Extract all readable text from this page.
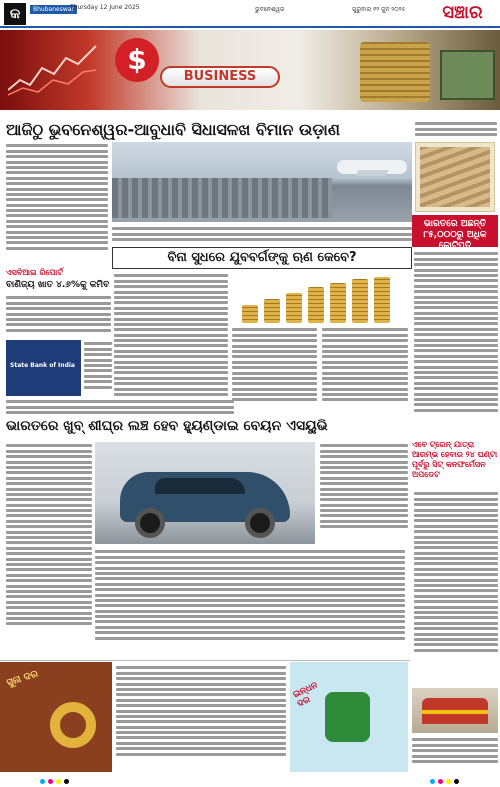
କ	Bhubaneswar
Thursday 12 June 2025	ଭୁବନେଶ୍ୱର	ଗୁରୁବାର ୧୨ ଜୁନ ୨୦୨୫	ସଞ୍ଚାର
$
BUSINESS
ଆଜିଠୁ ଭୁବନେଶ୍ୱର-ଆବୁଧାବି ସିଧାସଳଖ ବିମାନ ଉଡ଼ାଣ
ଭାରତରେ ଅଛନ୍ତି ୮୫,୦୦୦ରୁ ଅଧିକ କୋଟିପତି
ଏସବିଆଇ ରିପୋର୍ଟ
ବାଣିଜ୍ୟ ଖାତ ୪.୬%କୁ କମିବ
State Bank of India
ବିନା ସୁଧରେ ଯୁବବର୍ଗଙ୍କୁ ଋଣ କେବେ?
ଭାରତରେ ଖୁବ୍ ଶୀଘ୍ର ଲଞ୍ଚ ହେବ ହ୍ୟୁଣ୍ଡାଇ ବେୟନ ଏସୟୁଭି
ଏବେ ଟ୍ରେନ୍ ଯାତ୍ରା ଆରମ୍ଭ ହେବାର ୨୪ ଘଣ୍ଟା ପୂର୍ବରୁ ସିଟ୍ କନଫର୍ମେସନ ଅପଡେଟ
ସୁନା ଦର
ଇନ୍ଧନ ଦର
